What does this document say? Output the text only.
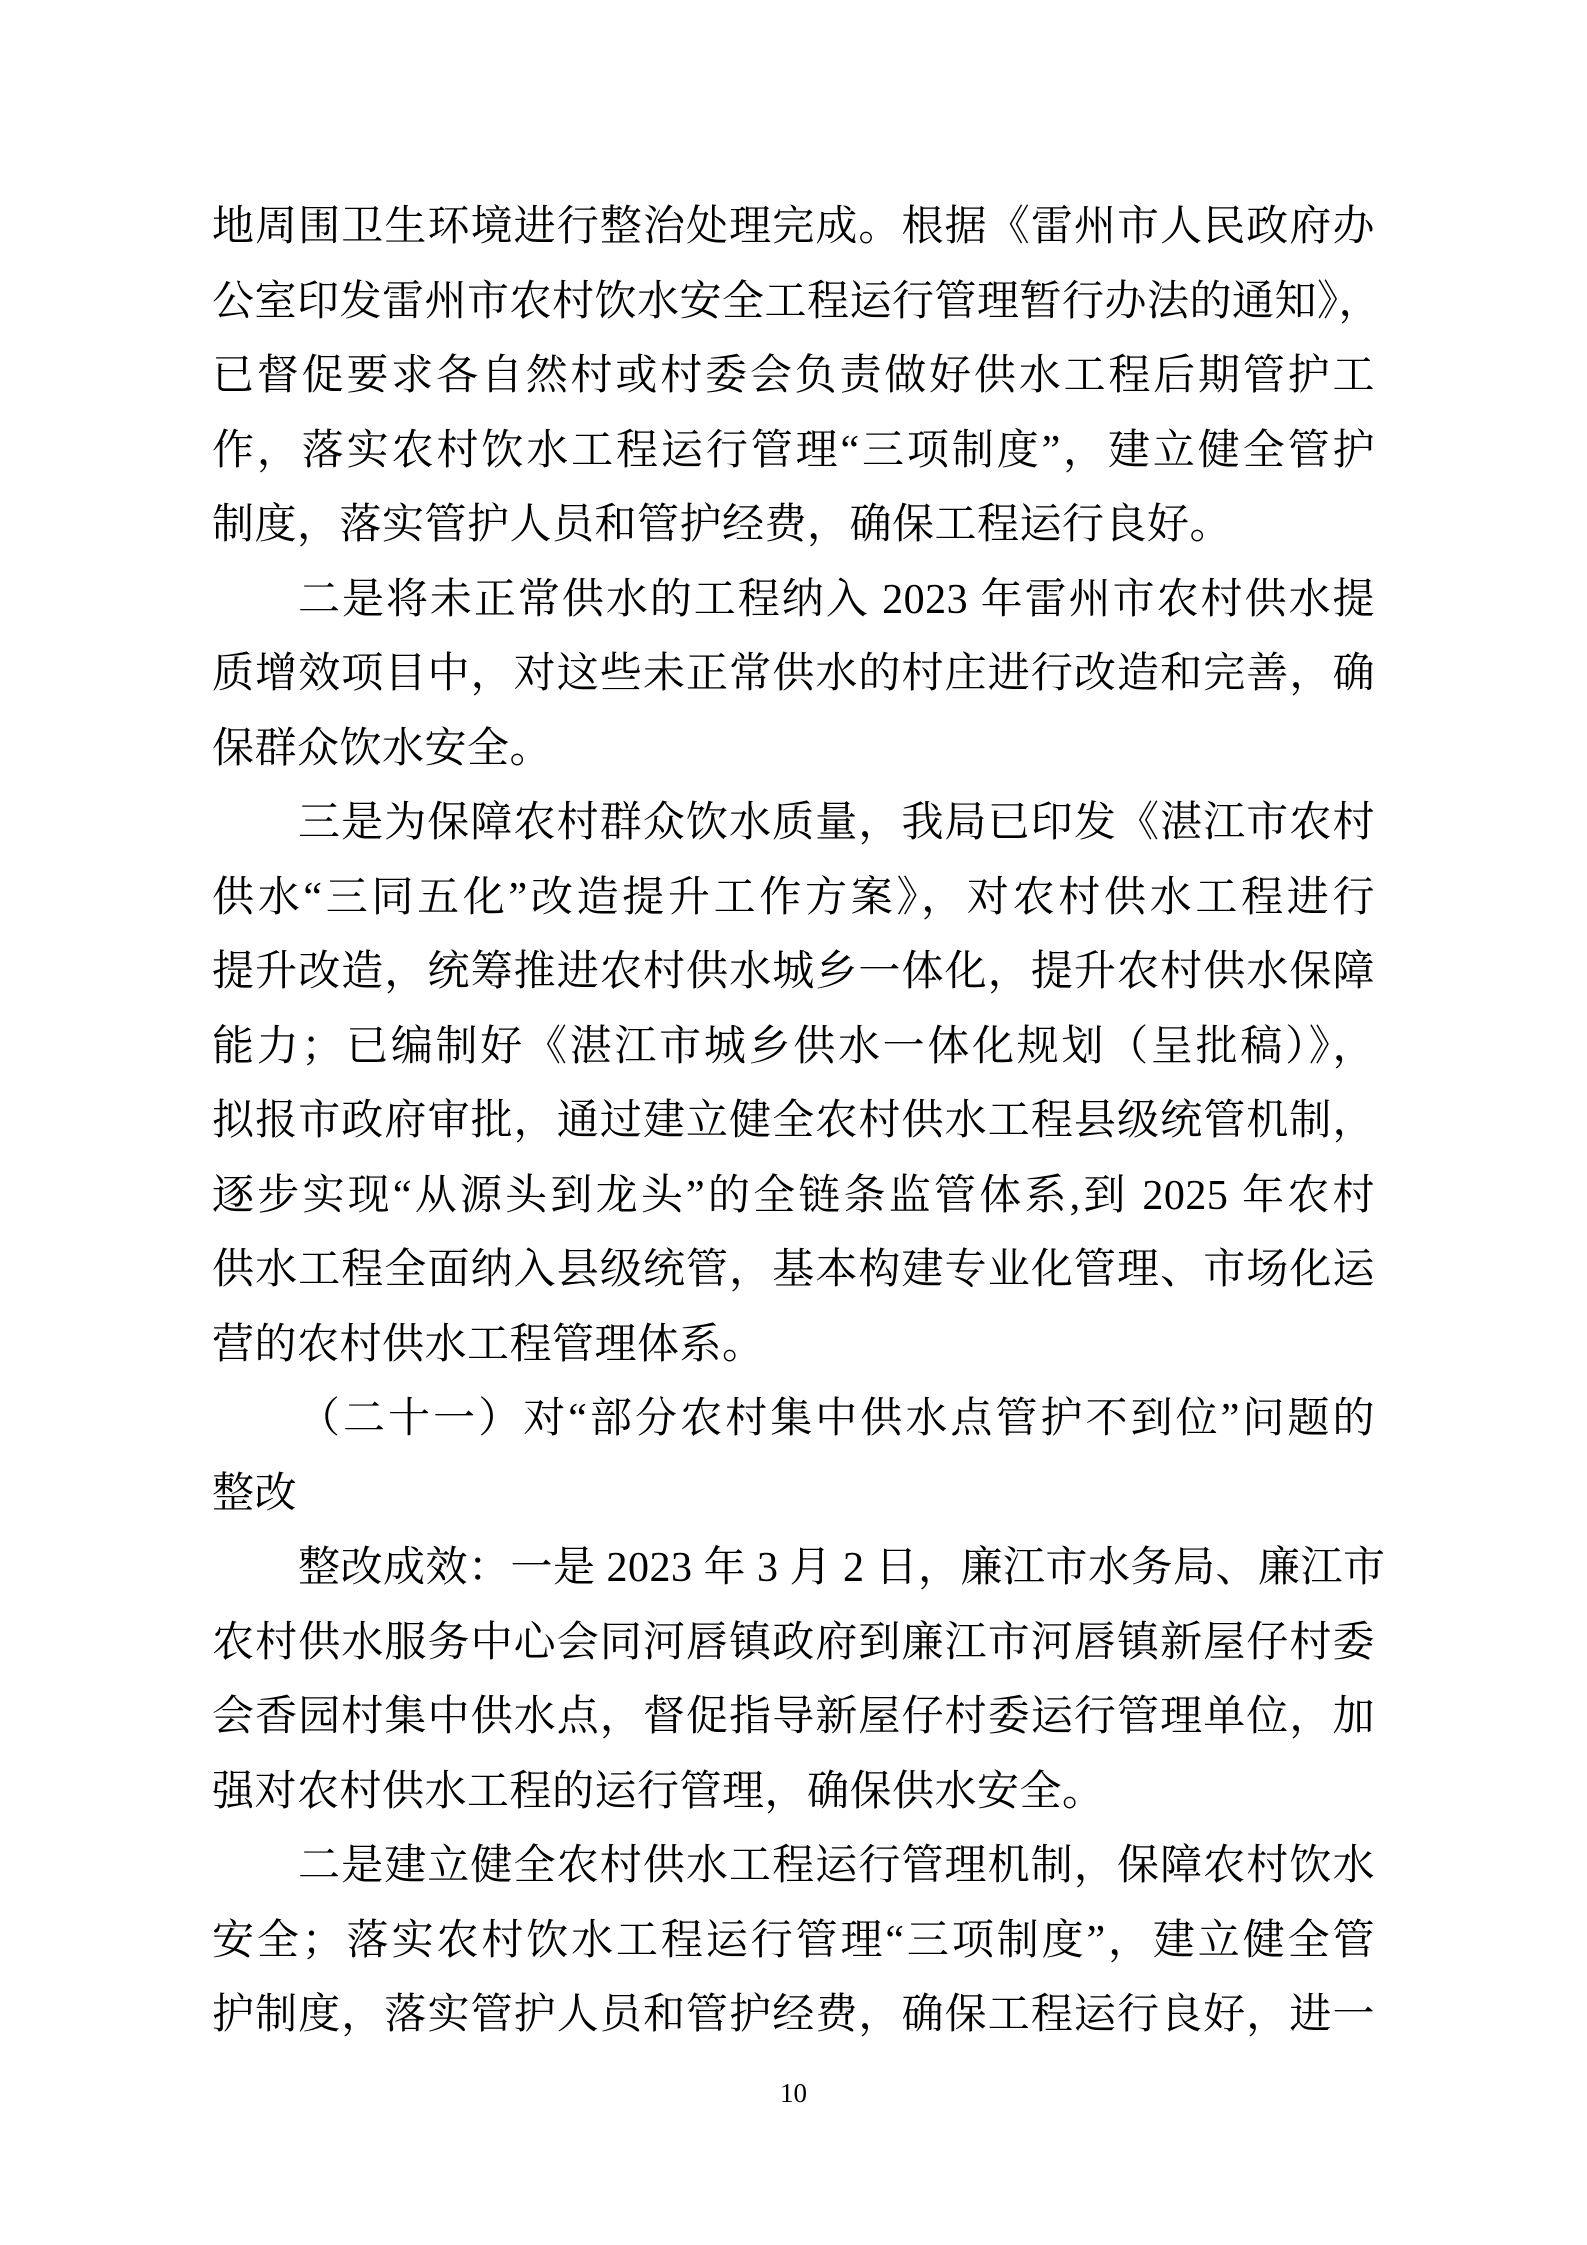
地周围卫生环境进行整治处理完成。根据《雷州市人民政府办
公室印发雷州市农村饮水安全工程运行管理暂行办法的通知》，
已督促要求各自然村或村委会负责做好供水工程后期管护工
作，落实农村饮水工程运行管理“三项制度”，建立健全管护
制度，落实管护人员和管护经费，确保工程运行良好。
二是将未正常供水的工程纳入 2023 年雷州市农村供水提
质增效项目中，对这些未正常供水的村庄进行改造和完善，确
保群众饮水安全。
三是为保障农村群众饮水质量，我局已印发《湛江市农村
供水“三同五化”改造提升工作方案》，对农村供水工程进行
提升改造，统筹推进农村供水城乡一体化，提升农村供水保障
能力；已编制好《湛江市城乡供水一体化规划（呈批稿）》，
拟报市政府审批，通过建立健全农村供水工程县级统管机制，
逐步实现“从源头到龙头”的全链条监管体系,到 2025 年农村
供水工程全面纳入县级统管，基本构建专业化管理、市场化运
营的农村供水工程管理体系。
（二十一）对“部分农村集中供水点管护不到位”问题的
整改
整改成效：一是 2023 年 3 月 2 日，廉江市水务局、廉江市
农村供水服务中心会同河唇镇政府到廉江市河唇镇新屋仔村委
会香园村集中供水点，督促指导新屋仔村委运行管理单位，加
强对农村供水工程的运行管理，确保供水安全。
二是建立健全农村供水工程运行管理机制，保障农村饮水
安全；落实农村饮水工程运行管理“三项制度”，建立健全管
护制度，落实管护人员和管护经费，确保工程运行良好，进一
10
